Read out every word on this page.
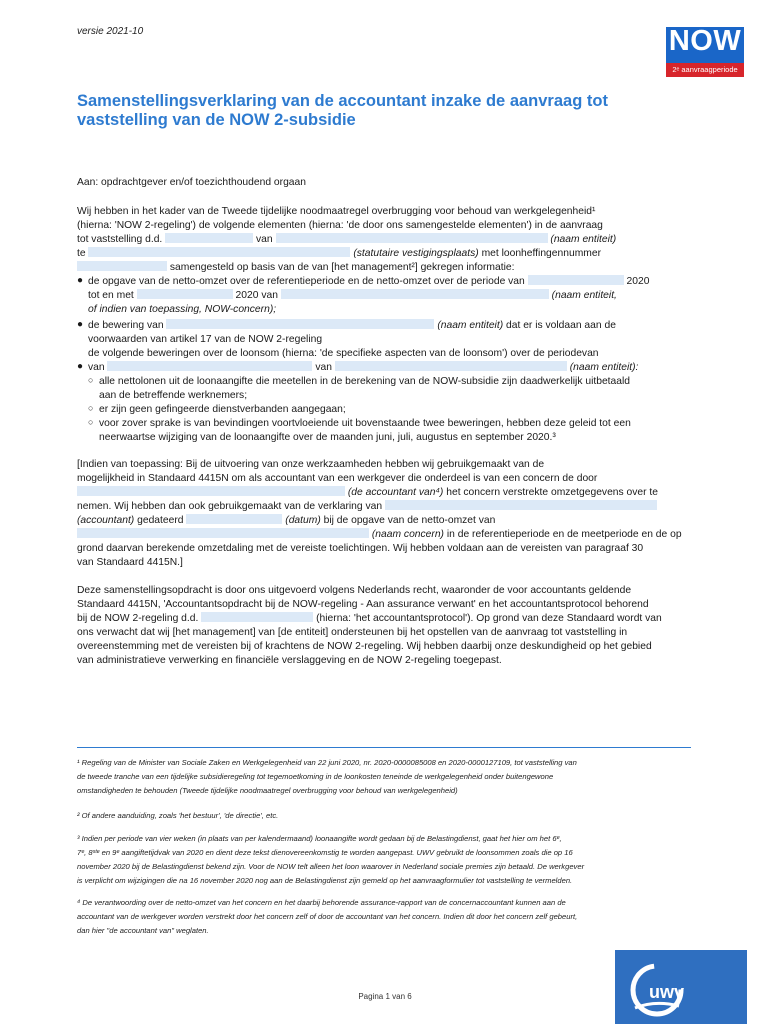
versie 2021-10	NOW
2ᵉ aanvraagperiode
Samenstellingsverklaring van de accountant inzake de aanvraag tot vaststelling van de NOW 2-subsidie
Aan: opdrachtgever en/of toezichthoudend orgaan
Wij hebben in het kader van de Tweede tijdelijke noodmaatregel overbrugging voor behoud van werkgelegenheid¹
(hierna: 'NOW 2-regeling') de volgende elementen (hierna: 'de door ons samengestelde elementen') in de aanvraag
tot vaststelling d.d.	van	(naam entiteit)
te	(statutaire vestigingsplaats) met loonheffingennummer
samengesteld op basis van de van [het management²] gekregen informatie:
● de opgave van de netto-omzet over de referentieperiode en de netto-omzet over de periode van	2020
tot en met	2020 van	(naam entiteit,
of indien van toepassing, NOW-concern);
● de bewering van	(naam entiteit) dat er is voldaan aan de
voorwaarden van artikel 17 van de NOW 2-regeling
de volgende beweringen over de loonsom (hierna: 'de specifieke aspecten van de loonsom') over de periodevan
● van	van	(naam entiteit):
○ alle nettolonen uit de loonaangifte die meetellen in de berekening van de NOW-subsidie zijn daadwerkelijk uitbetaald
aan de betreffende werknemers;
○ er zijn geen gefingeerde dienstverbanden aangegaan;
○ voor zover sprake is van bevindingen voortvloeiende uit bovenstaande twee beweringen, hebben deze geleid tot een
neerwaartse wijziging van de loonaangifte over de maanden juni, juli, augustus en september 2020.³
[Indien van toepassing: Bij de uitvoering van onze werkzaamheden hebben wij gebruikgemaakt van de
mogelijkheid in Standaard 4415N om als accountant van een werkgever die onderdeel is van een concern de door
(de accountant van⁴) het concern verstrekte omzetgegevens over te
nemen. Wij hebben dan ook gebruikgemaakt van de verklaring van
(accountant) gedateerd	(datum) bij de opgave van de netto-omzet van
(naam concern) in de referentieperiode en de meetperiode en de op
grond daarvan berekende omzetdaling met de vereiste toelichtingen. Wij hebben voldaan aan de vereisten van paragraaf 30
van Standaard 4415N.]
Deze samenstellingsopdracht is door ons uitgevoerd volgens Nederlands recht, waaronder de voor accountants geldende
Standaard 4415N, 'Accountantsopdracht bij de NOW-regeling - Aan assurance verwant' en het accountantsprotocol behorend
bij de NOW 2-regeling d.d.	(hierna: 'het accountantsprotocol'). Op grond van deze Standaard wordt van
ons verwacht dat wij [het management] van [de entiteit] ondersteunen bij het opstellen van de aanvraag tot vaststelling in
overeenstemming met de vereisten bij of krachtens de NOW 2-regeling. Wij hebben daarbij onze deskundigheid op het gebied
van administratieve verwerking en financiële verslaggeving en de NOW 2-regeling toegepast.
¹ Regeling van de Minister van Sociale Zaken en Werkgelegenheid van 22 juni 2020, nr. 2020-0000085008 en 2020-0000127109, tot vaststelling van
de tweede tranche van een tijdelijke subsidieregeling tot tegemoetkoming in de loonkosten teneinde de werkgelegenheid onder buitengewone
omstandigheden te behouden (Tweede tijdelijke noodmaatregel overbrugging voor behoud van werkgelegenheid)
² Of andere aanduiding, zoals 'het bestuur', 'de directie', etc.
³ Indien per periode van vier weken (in plaats van per kalendermaand) loonaangifte wordt gedaan bij de Belastingdienst, gaat het hier om het 6ᵉ,
7ᵉ, 8ˢᵗᵉ en 9ᵉ aangiftetijdvak van 2020 en dient deze tekst dienovereenkomstig te worden aangepast. UWV gebruikt de loonsommen zoals die op 16
november 2020 bij de Belastingdienst bekend zijn. Voor de NOW telt alleen het loon waarover in Nederland sociale premies zijn betaald. De werkgever
is verplicht om wijzigingen die na 16 november 2020 nog aan de Belastingdienst zijn gemeld op het aanvraagformulier tot vaststelling te vermelden.
⁴ De verantwoording over de netto-omzet van het concern en het daarbij behorende assurance-rapport van de concernaccountant kunnen aan de
accountant van de werkgever worden verstrekt door het concern zelf of door de accountant van het concern. Indien dit door het concern zelf gebeurt,
dan hier "de accountant van" weglaten.
Pagina 1 van 6	uwv
